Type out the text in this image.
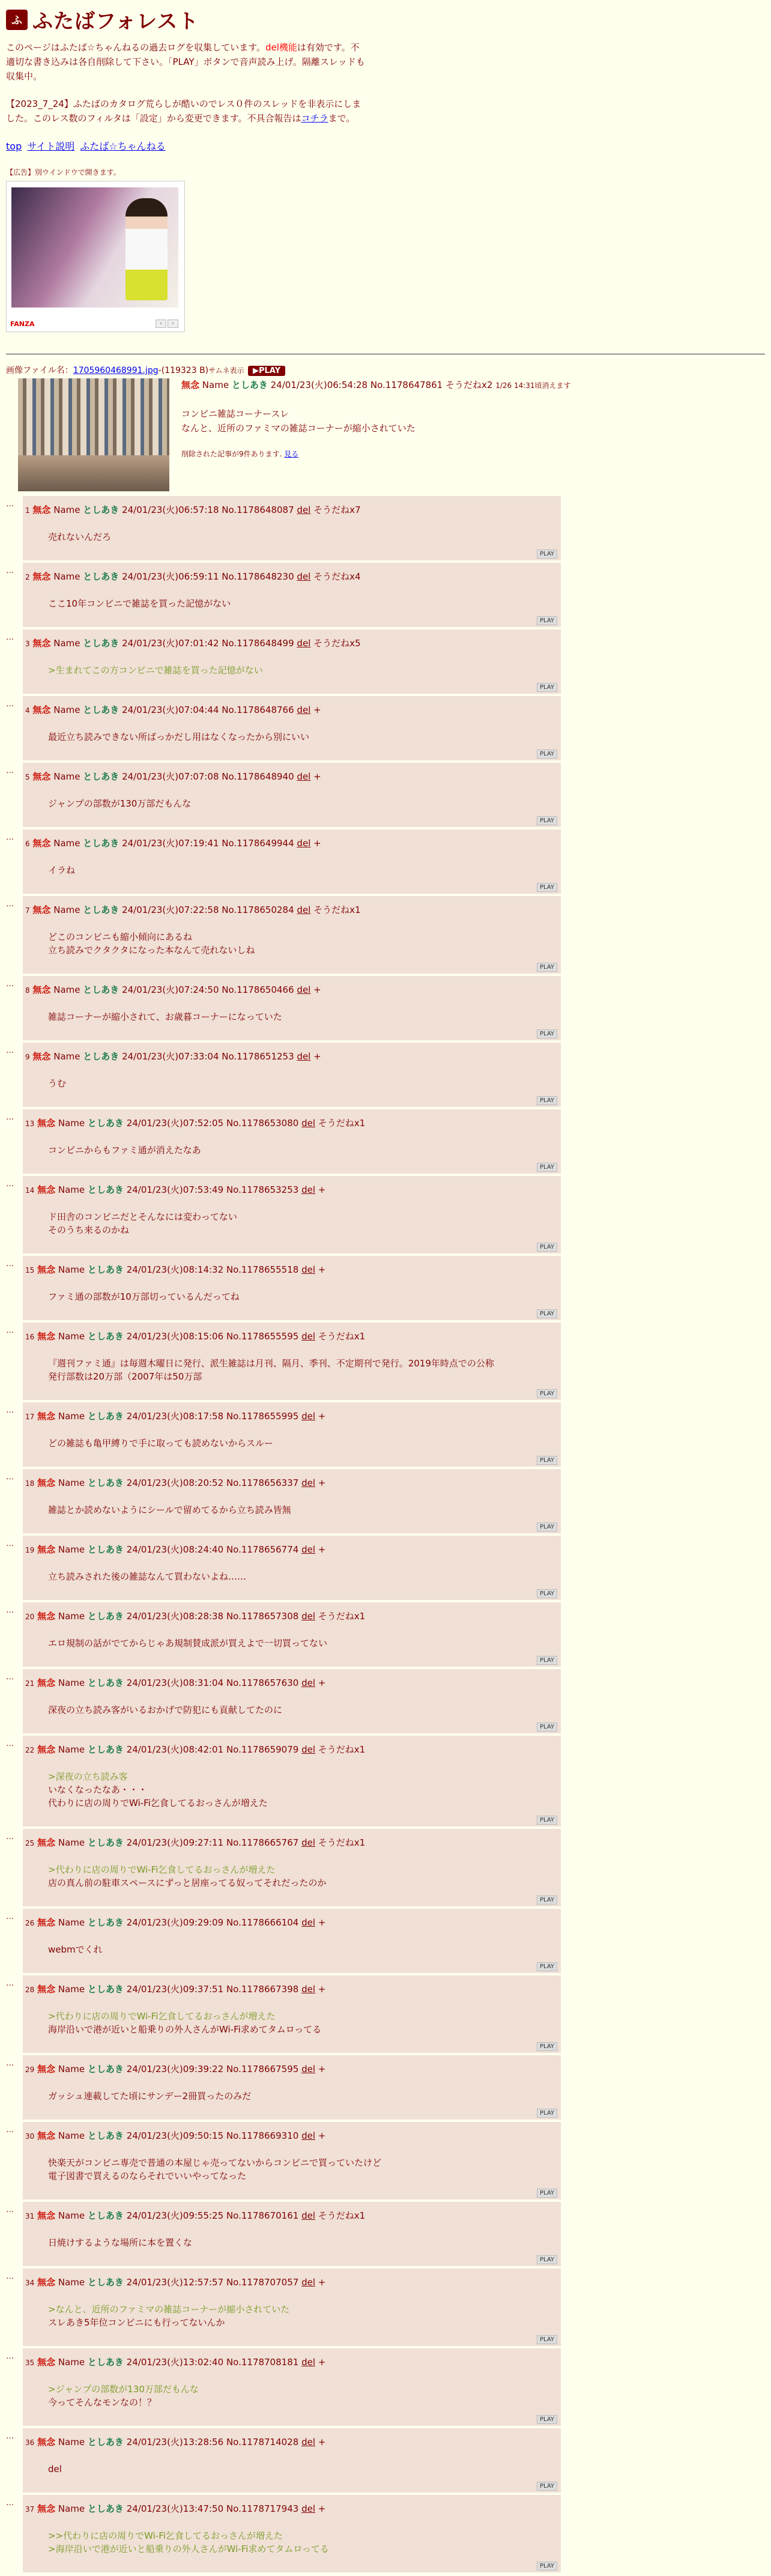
ふ ふたばフォレスト

このページはふたば☆ちゃんねるの過去ログを収集しています。del機能は有効です。不適切な書き込みは各自削除して下さい。「PLAY」ボタンで音声読み上げ。隔離スレッドも収集中。

【2023_7_24】ふたばのカタログ荒らしが酷いのでレス０件のスレッドを非表示にしました。このレス数のフィルタは「設定」から変更できます。不具合報告はコチラまで。

top サイト説明 ふたば☆ちゃんねる
【広告】別ウインドウで開きます。
FANZA	‹	›
画像ファイル名：1705960468991.jpg-(119323 B)サムネ表示 ▶PLAY
無念 Name としあき 24/01/23(火)06:54:28 No.1178647861 そうだねx2 1/26 14:31頃消えます
コンビニ雑誌コーナースレ
なんと、近所のファミマの雑誌コーナーが縮小されていた
削除された記事が9件あります. 見る
…
1 無念 Name としあき 24/01/23(火)06:57:18 No.1178648087 del そうだねx7
売れないんだろ
PLAY
…
2 無念 Name としあき 24/01/23(火)06:59:11 No.1178648230 del そうだねx4
ここ10年コンビニで雑誌を買った記憶がない
PLAY
…
3 無念 Name としあき 24/01/23(火)07:01:42 No.1178648499 del そうだねx5
>生まれてこの方コンビニで雑誌を買った記憶がない
PLAY
…
4 無念 Name としあき 24/01/23(火)07:04:44 No.1178648766 del +
最近立ち読みできない所ばっかだし用はなくなったから別にいい
PLAY
…
5 無念 Name としあき 24/01/23(火)07:07:08 No.1178648940 del +
ジャンプの部数が130万部だもんな
PLAY
…
6 無念 Name としあき 24/01/23(火)07:19:41 No.1178649944 del +
イラね
PLAY
…
7 無念 Name としあき 24/01/23(火)07:22:58 No.1178650284 del そうだねx1
どこのコンビニも縮小傾向にあるね
立ち読みでクタクタになった本なんて売れないしね
PLAY
…
8 無念 Name としあき 24/01/23(火)07:24:50 No.1178650466 del +
雑誌コーナーが縮小されて、お歳暮コーナーになっていた
PLAY
…
9 無念 Name としあき 24/01/23(火)07:33:04 No.1178651253 del +
うむ
PLAY
…
13 無念 Name としあき 24/01/23(火)07:52:05 No.1178653080 del そうだねx1
コンビニからもファミ通が消えたなあ
PLAY
…
14 無念 Name としあき 24/01/23(火)07:53:49 No.1178653253 del +
ド田舎のコンビニだとそんなには変わってない
そのうち来るのかね
PLAY
…
15 無念 Name としあき 24/01/23(火)08:14:32 No.1178655518 del +
ファミ通の部数が10万部切っているんだってね
PLAY
…
16 無念 Name としあき 24/01/23(火)08:15:06 No.1178655595 del そうだねx1
『週刊ファミ通』は毎週木曜日に発行、派生雑誌は月刊、隔月、季刊、不定期刊で発行。2019年時点での公称
発行部数は20万部（2007年は50万部
PLAY
…
17 無念 Name としあき 24/01/23(火)08:17:58 No.1178655995 del +
どの雑誌も亀甲縛りで手に取っても読めないからスルー
PLAY
…
18 無念 Name としあき 24/01/23(火)08:20:52 No.1178656337 del +
雑誌とか読めないようにシールで留めてるから立ち読み皆無
PLAY
…
19 無念 Name としあき 24/01/23(火)08:24:40 No.1178656774 del +
立ち読みされた後の雑誌なんて買わないよね……
PLAY
…
20 無念 Name としあき 24/01/23(火)08:28:38 No.1178657308 del そうだねx1
エロ規制の話がでてからじゃあ規制賛成派が買えよで一切買ってない
PLAY
…
21 無念 Name としあき 24/01/23(火)08:31:04 No.1178657630 del +
深夜の立ち読み客がいるおかげで防犯にも貢献してたのに
PLAY
…
22 無念 Name としあき 24/01/23(火)08:42:01 No.1178659079 del そうだねx1
>深夜の立ち読み客
いなくなったなあ・・・
代わりに店の周りでWi-Fi乞食してるおっさんが増えた
PLAY
…
25 無念 Name としあき 24/01/23(火)09:27:11 No.1178665767 del そうだねx1
>代わりに店の周りでWi-Fi乞食してるおっさんが増えた
店の真ん前の駐車スペースにずっと居座ってる奴ってそれだったのか
PLAY
…
26 無念 Name としあき 24/01/23(火)09:29:09 No.1178666104 del +
webmでくれ
PLAY
…
28 無念 Name としあき 24/01/23(火)09:37:51 No.1178667398 del +
>代わりに店の周りでWi-Fi乞食してるおっさんが増えた
海岸沿いで港が近いと船乗りの外人さんがWi-Fi求めてタムロってる
PLAY
…
29 無念 Name としあき 24/01/23(火)09:39:22 No.1178667595 del +
ガッシュ連載してた頃にサンデー2冊買ったのみだ
PLAY
…
30 無念 Name としあき 24/01/23(火)09:50:15 No.1178669310 del +
快楽天がコンビニ専売で普通の本屋じゃ売ってないからコンビニで買っていたけど
電子図書で買えるのならそれでいいやってなった
PLAY
…
31 無念 Name としあき 24/01/23(火)09:55:25 No.1178670161 del そうだねx1
日焼けするような場所に本を置くな
PLAY
…
34 無念 Name としあき 24/01/23(火)12:57:57 No.1178707057 del +
>なんと、近所のファミマの雑誌コーナーが縮小されていた
スレあき5年位コンビニにも行ってないんか
PLAY
…
35 無念 Name としあき 24/01/23(火)13:02:40 No.1178708181 del +
>ジャンプの部数が130万部だもんな
今ってそんなモンなの！？
PLAY
…
36 無念 Name としあき 24/01/23(火)13:28:56 No.1178714028 del +
del
PLAY
…
37 無念 Name としあき 24/01/23(火)13:47:50 No.1178717943 del +
>>代わりに店の周りでWi-Fi乞食してるおっさんが増えた
>海岸沿いで港が近いと船乗りの外人さんがWi-Fi求めてタムロってる
PLAY
